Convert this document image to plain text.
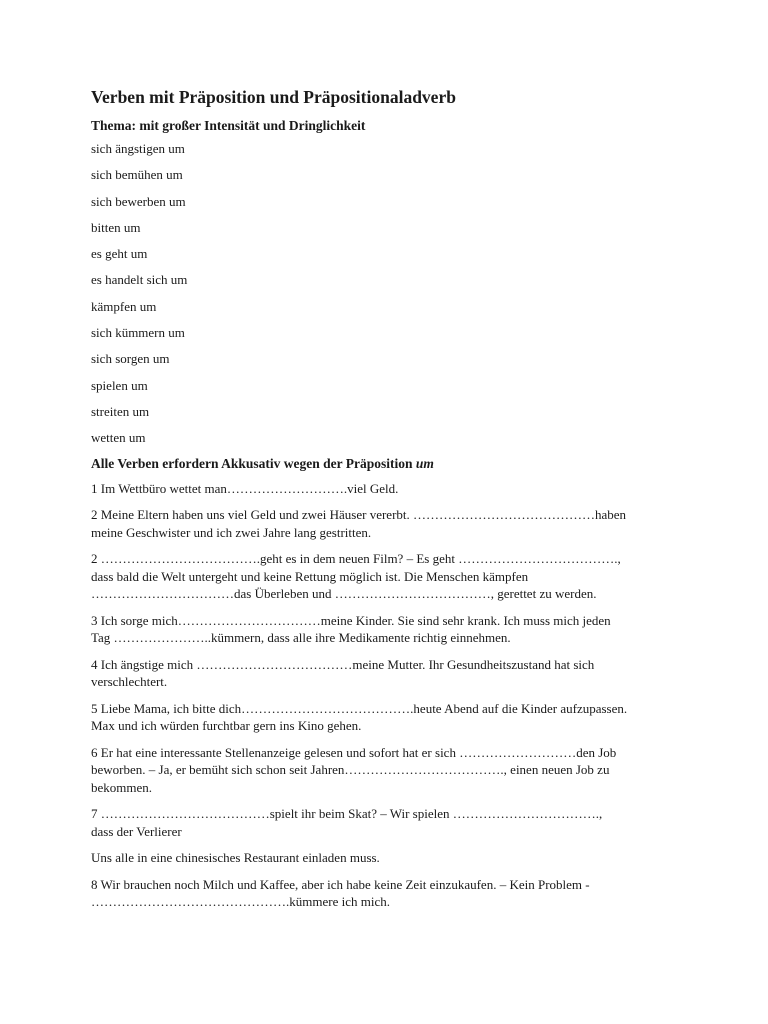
Verben mit Präposition und Präpositionaladverb

Thema: mit großer Intensität und Dringlichkeit

sich ängstigen um
sich bemühen um
sich bewerben um
bitten um
es geht um
es handelt sich um
kämpfen um
sich kümmern um
sich sorgen um
spielen um
streiten um
wetten um

Alle Verben erfordern Akkusativ wegen der Präposition um

1 Im Wettbüro wettet man……………………….viel Geld.

2 Meine Eltern haben uns viel Geld und zwei Häuser vererbt. ……………………………………haben
meine Geschwister und ich zwei Jahre lang gestritten.

2 ……………………………….geht es in dem neuen Film? – Es geht ……………………………….,
dass bald die Welt untergeht und keine Rettung möglich ist. Die Menschen kämpfen
……………………………das Überleben und ………………………………, gerettet zu werden.

3 Ich sorge mich……………………………meine Kinder. Sie sind sehr krank. Ich muss mich jeden
Tag …………………..kümmern, dass alle ihre Medikamente richtig einnehmen.

4 Ich ängstige mich ………………………………meine Mutter. Ihr Gesundheitszustand hat sich
verschlechtert.

5 Liebe Mama, ich bitte dich………………………………….heute Abend auf die Kinder aufzupassen.
Max und ich würden furchtbar gern ins Kino gehen.

6 Er hat eine interessante Stellenanzeige gelesen und sofort hat er sich ………………………den Job
beworben. – Ja, er bemüht sich schon seit Jahren………………………………., einen neuen Job zu
bekommen.

7 …………………………………spielt ihr beim Skat? – Wir spielen …………………………….,
dass der Verlierer

Uns alle in eine chinesisches Restaurant einladen muss.

8 Wir brauchen noch Milch und Kaffee, aber ich habe keine Zeit einzukaufen. – Kein Problem -
……………………………………….kümmere ich mich.
